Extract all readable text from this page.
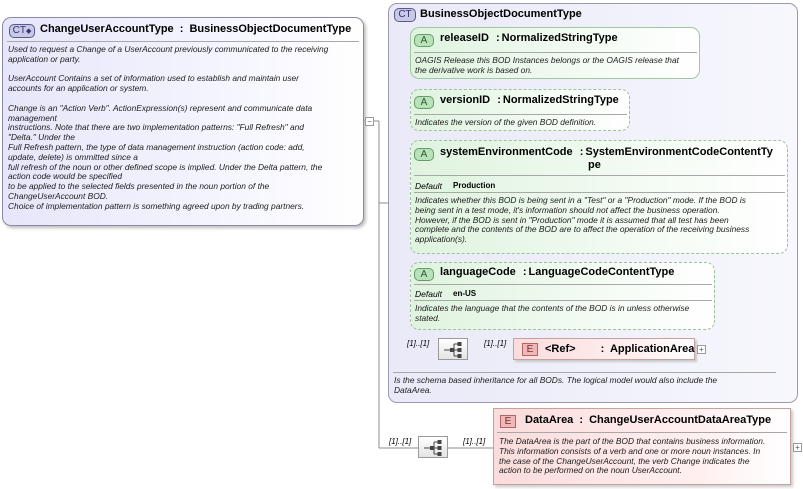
CT◆ ChangeUserAccountType : BusinessObjectDocumentType
Used to request a Change of a UserAccount previously communicated to the receiving
application or party.
UserAccount Contains a set of information used to establish and maintain user
accounts for an application or system.
Change is an "Action Verb". ActionExpression(s) represent and communicate data
management
instructions. Note that there are two implementation patterns: "Full Refresh" and
"Delta." Under the
Full Refresh pattern, the type of data management instruction (action code: add,
update, delete) is ommitted since a
full refresh of the noun or other defined scope is implied. Under the Delta pattern, the
action code would be specified
to be applied to the selected fields presented in the noun portion of the
ChangeUserAccount BOD.
Choice of implementation pattern is something agreed upon by trading partners.
−
CT BusinessObjectDocumentType
A	releaseID : NormalizedStringType
OAGIS Release this BOD Instances belongs or the OAGIS release that
the derivative work is based on.
A	versionID : NormalizedStringType
Indicates the version of the given BOD definition.
A	systemEnvironmentCode : SystemEnvironmentCodeContentTy
pe
Default Production
Indicates whether this BOD is being sent in a "Test" or a "Production" mode. If the BOD is
being sent in a test mode, it's information should not affect the business operation.
However, if the BOD is sent in "Production" mode it is assumed that all test has been
complete and the contents of the BOD are to affect the operation of the receiving business
application(s).
A	languageCode : LanguageCodeContentType
Default en-US
Indicates the language that the contents of the BOD is in unless otherwise
stated.
[1]..[1]	[1]..[1]
E	<Ref> : ApplicationArea +
Is the schema based inheritance for all BODs. The logical model would also include the
DataArea.
[1]..[1]	[1]..[1]
E	DataArea : ChangeUserAccountDataAreaType
The DataArea is the part of the BOD that contains business information.
This information consists of a verb and one or more noun instances. In
the case of the ChangeUserAccount, the verb Change indicates the
action to be performed on the noun UserAccount.
+
